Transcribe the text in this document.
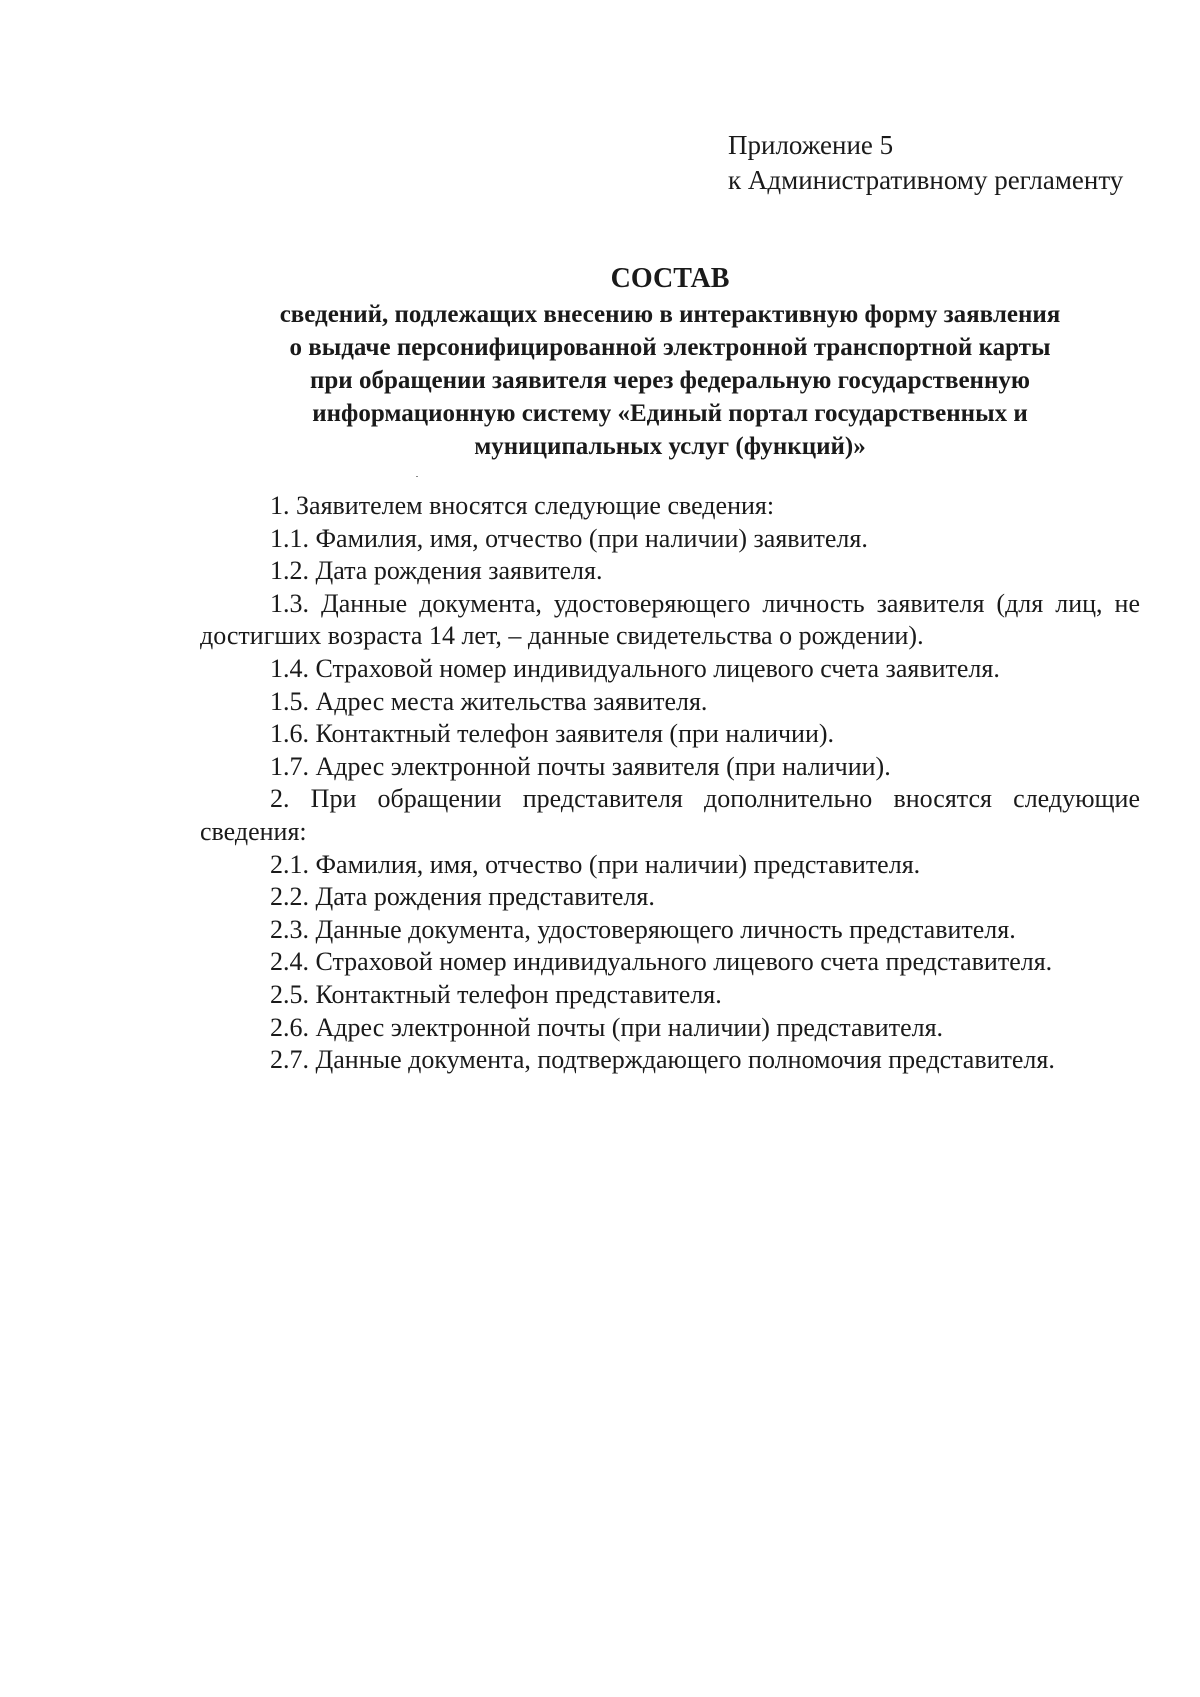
Приложение 5
к Административному регламенту
СОСТАВ
сведений, подлежащих внесению в интерактивную форму заявления
о выдаче персонифицированной электронной транспортной карты
при обращении заявителя через федеральную государственную
информационную систему «Единый портал государственных и
муниципальных услуг (функций)»

1. Заявителем вносятся следующие сведения:

1.1. Фамилия, имя, отчество (при наличии) заявителя.

1.2. Дата рождения заявителя.

1.3. Данные документа, удостоверяющего личность заявителя (для лиц, не достигших возраста 14 лет, – данные свидетельства о рождении).

1.4. Страховой номер индивидуального лицевого счета заявителя.

1.5. Адрес места жительства заявителя.

1.6. Контактный телефон заявителя (при наличии).

1.7. Адрес электронной почты заявителя (при наличии).

2. При обращении представителя дополнительно вносятся следующие сведения:

2.1. Фамилия, имя, отчество (при наличии) представителя.

2.2. Дата рождения представителя.

2.3. Данные документа, удостоверяющего личность представителя.

2.4. Страховой номер индивидуального лицевого счета представителя.

2.5. Контактный телефон представителя.

2.6. Адрес электронной почты (при наличии) представителя.

2.7. Данные документа, подтверждающего полномочия представителя.
